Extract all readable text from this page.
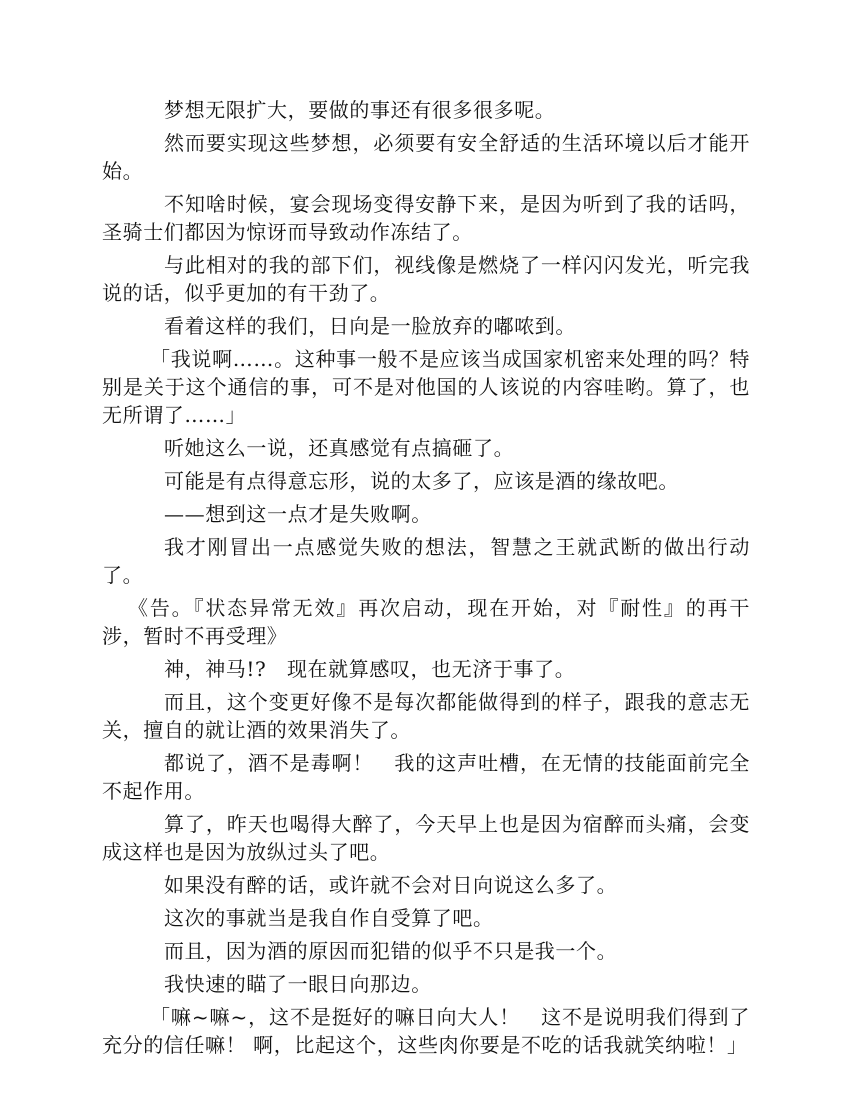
梦想无限扩大，要做的事还有很多很多呢。

然而要实现这些梦想，必须要有安全舒适的生活环境以后才能开始。

不知啥时候，宴会现场变得安静下来，是因为听到了我的话吗，圣骑士们都因为惊讶而导致动作冻结了。

与此相对的我的部下们，视线像是燃烧了一样闪闪发光，听完我说的话，似乎更加的有干劲了。

看着这样的我们，日向是一脸放弃的嘟哝到。

「我说啊……。这种事一般不是应该当成国家机密来处理的吗？特别是关于这个通信的事，可不是对他国的人该说的内容哇哟。算了，也无所谓了……」

听她这么一说，还真感觉有点搞砸了。

可能是有点得意忘形，说的太多了，应该是酒的缘故吧。

——想到这一点才是失败啊。

我才刚冒出一点感觉失败的想法，智慧之王就武断的做出行动了。

《告。『状态异常无效』再次启动，现在开始，对『耐性』的再干涉，暂时不再受理》

神，神马!?　现在就算感叹，也无济于事了。

而且，这个变更好像不是每次都能做得到的样子，跟我的意志无关，擅自的就让酒的效果消失了。

都说了，酒不是毒啊！　我的这声吐槽，在无情的技能面前完全不起作用。

算了，昨天也喝得大醉了，今天早上也是因为宿醉而头痛，会变成这样也是因为放纵过头了吧。

如果没有醉的话，或许就不会对日向说这么多了。

这次的事就当是我自作自受算了吧。

而且，因为酒的原因而犯错的似乎不只是我一个。

我快速的瞄了一眼日向那边。

「嘛~嘛~，这不是挺好的嘛日向大人！　这不是说明我们得到了充分的信任嘛！ 啊，比起这个，这些肉你要是不吃的话我就笑纳啦！」
